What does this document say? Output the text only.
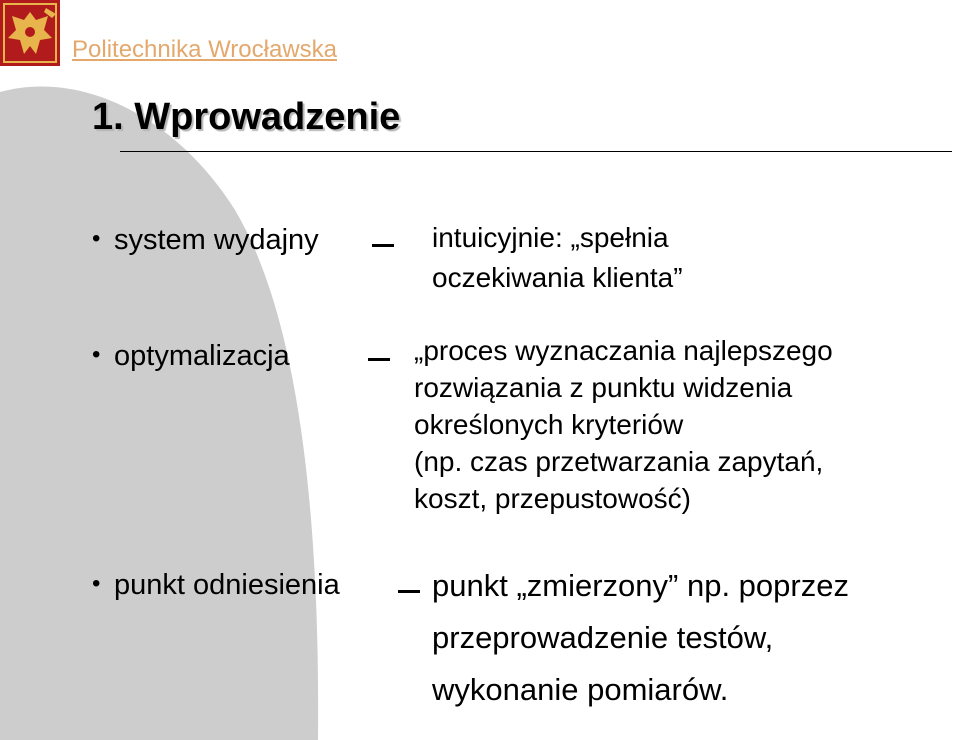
Politechnika Wrocławska
1. Wprowadzenie
• system wydajny	intuicyjnie: „spełnia
oczekiwania klienta”
• optymalizacja	„proces wyznaczania najlepszego
rozwiązania z punktu widzenia
określonych kryteriów
(np. czas przetwarzania zapytań,
koszt, przepustowość)
• punkt odniesienia	punkt „zmierzony” np. poprzez
przeprowadzenie testów,
wykonanie pomiarów.
